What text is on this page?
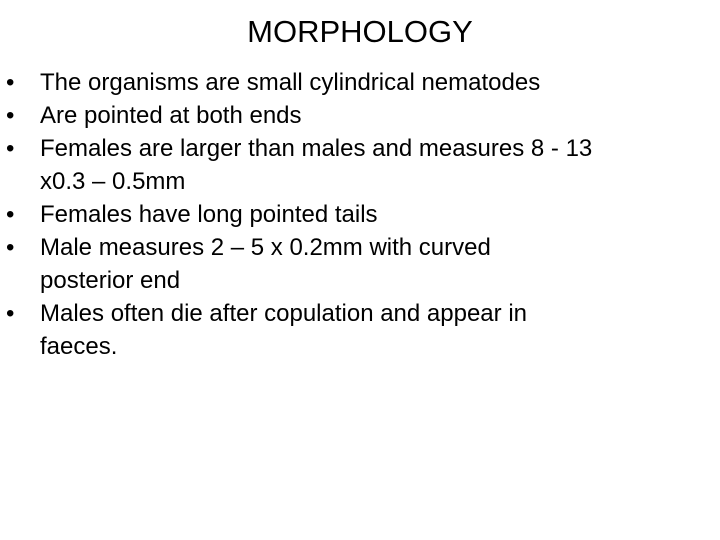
MORPHOLOGY
•	The organisms are small cylindrical nematodes
•	Are pointed at both ends
•	Females are larger than males and measures 8 - 13
x0.3 – 0.5mm
•	Females have long pointed tails
•	Male measures 2 – 5 x 0.2mm with curved
posterior end
•	Males often die after copulation and appear in
faeces.
